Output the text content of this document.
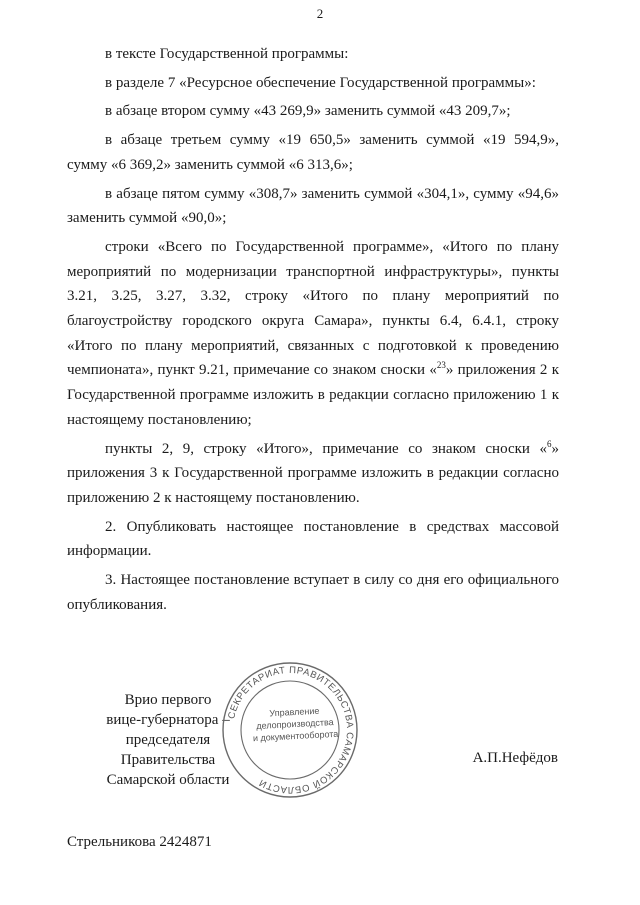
2

в тексте Государственной программы:

в разделе 7 «Ресурсное обеспечение Государственной программы»:

в абзаце втором сумму «43 269,9» заменить суммой «43 209,7»;

в абзаце третьем сумму «19 650,5» заменить суммой «19 594,9», сумму «6 369,2» заменить суммой «6 313,6»;

в абзаце пятом сумму «308,7» заменить суммой «304,1», сумму «94,6» заменить суммой «90,0»;

строки «Всего по Государственной программе», «Итого по плану мероприятий по модернизации транспортной инфраструктуры», пункты 3.21, 3.25, 3.27, 3.32, строку «Итого по плану мероприятий по благоустройству городского округа Самара», пункты 6.4, 6.4.1, строку «Итого по плану мероприятий, связанных с подготовкой к проведению чемпионата», пункт 9.21, примечание со знаком сноски «$^{23}$» приложения 2 к Государственной программе изложить в редакции согласно приложению 1 к настоящему постановлению;

пункты 2, 9, строку «Итого», примечание со знаком сноски «$^6$» приложения 3 к Государственной программе изложить в редакции согласно приложению 2 к настоящему постановлению.

2. Опубликовать настоящее постановление в средствах массовой информации.

3. Настоящее постановление вступает в силу со дня его официального опубликования.

Врио первого
вице-губернатора –
председателя Правительства
Самарской области
СЕКРЕТАРИАТ ПРАВИТЕЛЬСТВА САМАРСКОЙ ОБЛАСТИ
Управление
делопроизводства
и документооборота
А.П.Нефёдов
Стрельникова 2424871
